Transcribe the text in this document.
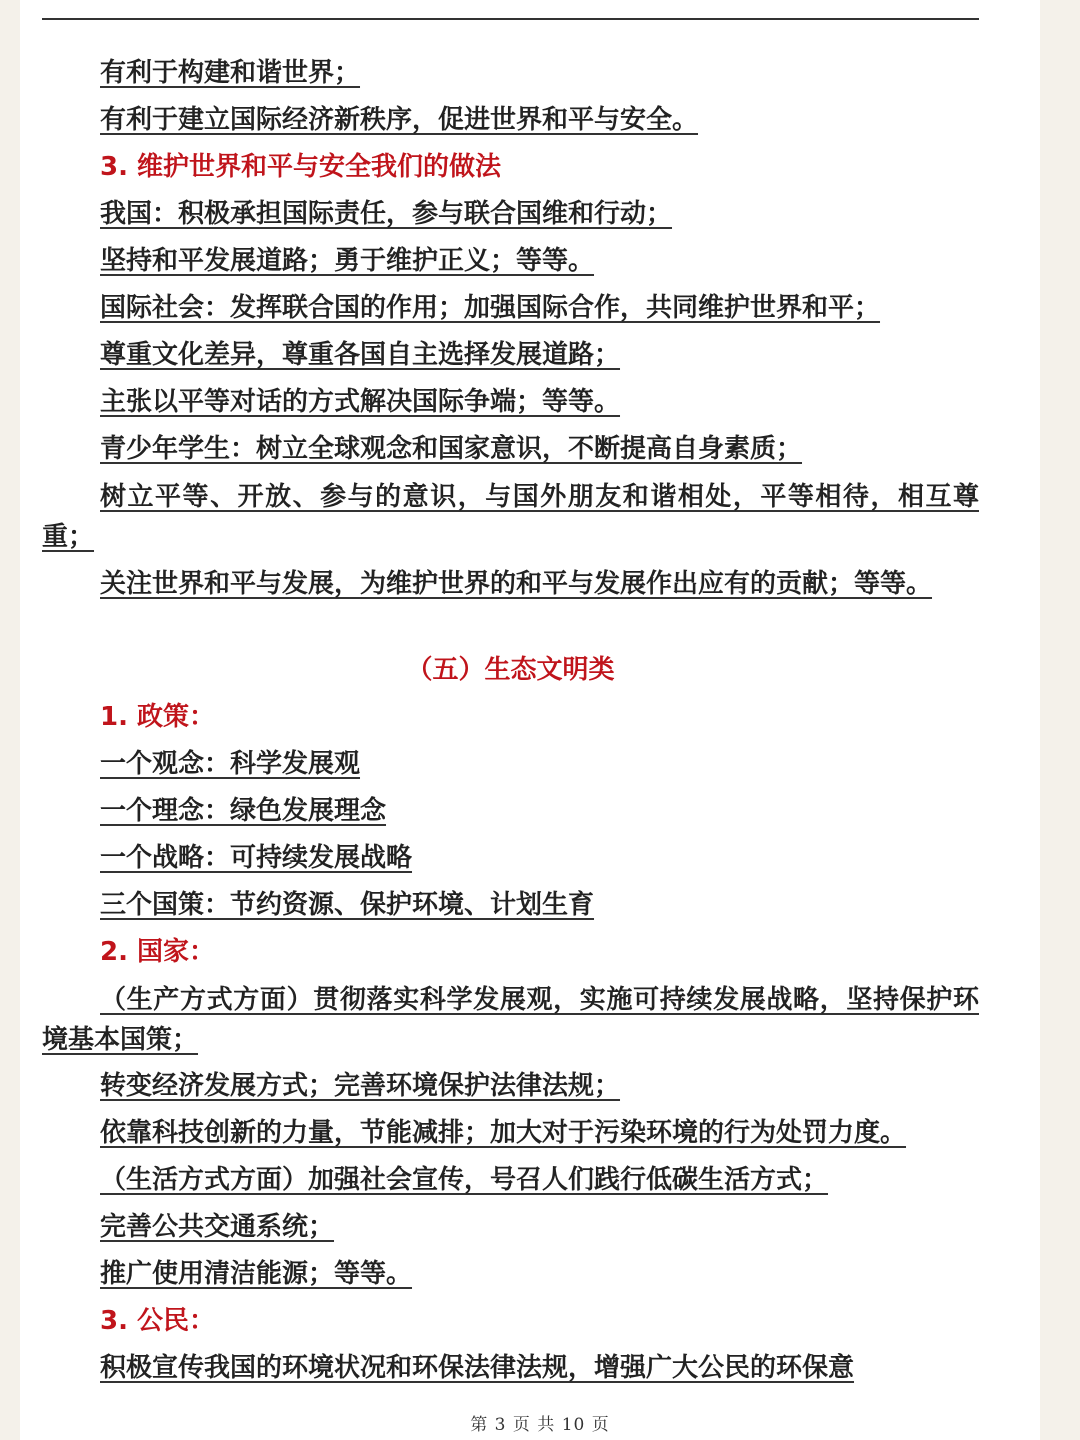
有利于构建和谐世界；
有利于建立国际经济新秩序，促进世界和平与安全。
3. 维护世界和平与安全我们的做法
我国：积极承担国际责任，参与联合国维和行动；
坚持和平发展道路；勇于维护正义；等等。
国际社会：发挥联合国的作用；加强国际合作，共同维护世界和平；
尊重文化差异，尊重各国自主选择发展道路；
主张以平等对话的方式解决国际争端；等等。
青少年学生：树立全球观念和国家意识，不断提高自身素质；
树立平等、开放、参与的意识，与国外朋友和谐相处，平等相待，相互尊重；
关注世界和平与发展，为维护世界的和平与发展作出应有的贡献；等等。
（五）生态文明类
1. 政策：
一个观念：科学发展观
一个理念：绿色发展理念
一个战略：可持续发展战略
三个国策：节约资源、保护环境、计划生育
2. 国家：
（生产方式方面）贯彻落实科学发展观，实施可持续发展战略，坚持保护环境基本国策；
转变经济发展方式；完善环境保护法律法规；
依靠科技创新的力量，节能减排；加大对于污染环境的行为处罚力度。
（生活方式方面）加强社会宣传，号召人们践行低碳生活方式；
完善公共交通系统；
推广使用清洁能源；等等。
3. 公民：
积极宣传我国的环境状况和环保法律法规，增强广大公民的环保意
第 3 页 共 10 页
